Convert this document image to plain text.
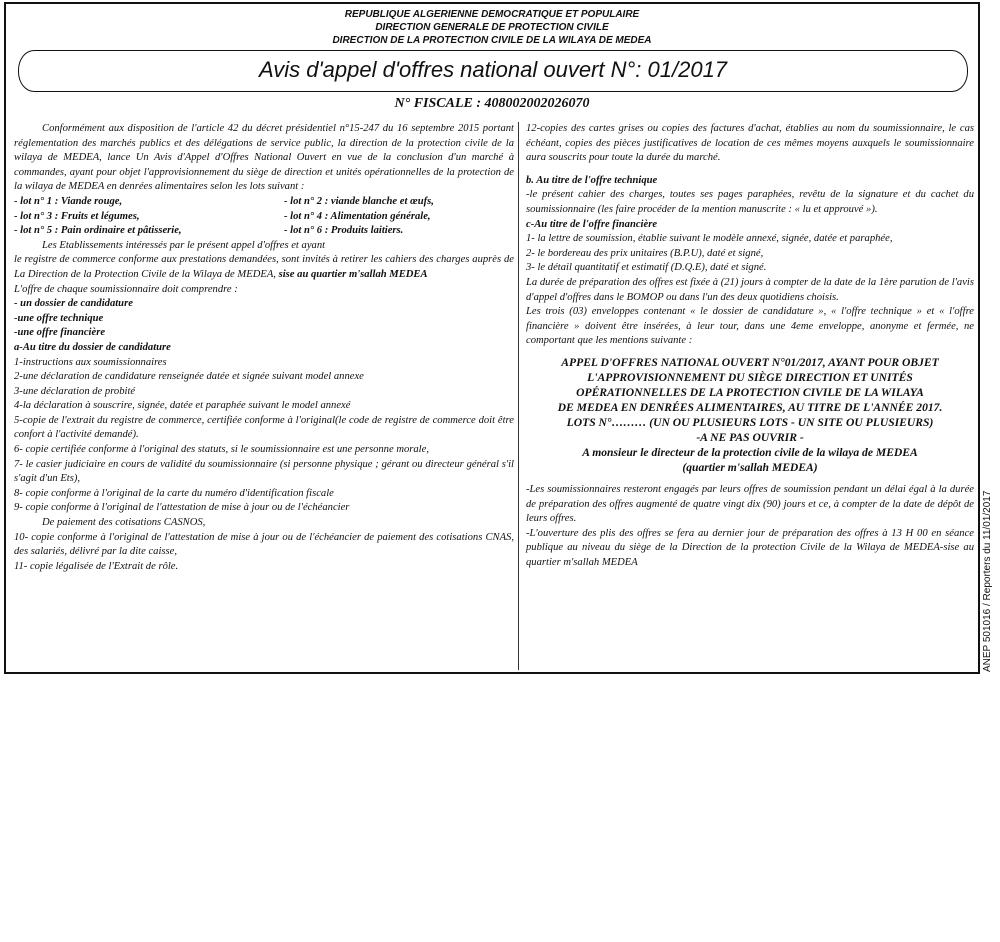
REPUBLIQUE ALGERIENNE DEMOCRATIQUE ET POPULAIRE
DIRECTION GENERALE DE PROTECTION CIVILE
DIRECTION DE LA PROTECTION CIVILE DE LA WILAYA DE MEDEA
Avis d'appel d'offres national ouvert N°: 01/2017
N° FISCALE : 408002002026070

Conformément aux disposition de l'article 42 du décret présidentiel n°15-247 du 16 septembre 2015 portant réglementation des marchés publics et des délégations de service public, la direction de la protection civile de la wilaya de MEDEA, lance Un Avis d'Appel d'Offres National Ouvert en vue de la conclusion d'un marché à commandes, ayant pour objet l'approvisionnement du siège de direction et unités opérationnelles de la protection de la wilaya de MEDEA en denrées alimentaires selon les lots suivant :

- lot n° 1 : Viande rouge,	- lot n° 2 : viande blanche et œufs,
- lot n° 3 : Fruits et légumes,	- lot n° 4 : Alimentation générale,
- lot n° 5 : Pain ordinaire et pâtisserie,	- lot n° 6 : Produits laitiers.

Les Etablissements intéressés par le présent appel d'offres et ayant

le registre de commerce conforme aux prestations demandées, sont invités à retirer les cahiers des charges auprès de La Direction de la Protection Civile de la Wilaya de MEDEA, sise au quartier m'sallah MEDEA

L'offre de chaque soumissionnaire doit comprendre :

- un dossier de candidature

-une offre technique

-une offre financière

a-Au titre du dossier de candidature

1-instructions aux soumissionnaires

2-une déclaration de candidature renseignée datée et signée suivant model annexe

3-une déclaration de probité

4-la déclaration à souscrire, signée, datée et paraphée suivant le model annexé

5-copie de l'extrait du registre de commerce, certifiée conforme à l'original(le code de registre de commerce doit être confort à l'activité demandé).

6- copie certifiée conforme à l'original des statuts, si le soumissionnaire est une personne morale,

7- le casier judiciaire en cours de validité du soumissionnaire (si personne physique ; gérant ou directeur général s'il s'agit d'un Ets),

8- copie conforme à l'original de la carte du numéro d'identification fiscale

9- copie conforme à l'original de l'attestation de mise à jour ou de l'échéancier

De paiement des cotisations CASNOS,

10- copie conforme à l'original de l'attestation de mise à jour ou de l'échéancier de paiement des cotisations CNAS, des salariés, délivré par la dite caisse,

11- copie légalisée de l'Extrait de rôle.

12-copies des cartes grises ou copies des factures d'achat, établies au nom du soumissionnaire, le cas échéant, copies des pièces justificatives de location de ces mêmes moyens auxquels le soumissionnaire aura souscrits pour toute la durée du marché.

b. Au titre de l'offre technique

-le présent cahier des charges, toutes ses pages paraphées, revêtu de la signature et du cachet du soumissionnaire (les faire procéder de la mention manuscrite : « lu et approuvé »).

c-Au titre de l'offre financière

1- la lettre de soumission, établie suivant le modèle annexé, signée, datée et paraphée,

2- le bordereau des prix unitaires (B.P.U), daté et signé,

3- le détail quantitatif et estimatif (D.Q.E), daté et signé.

La durée de préparation des offres est fixée à (21) jours à compter de la date de la 1ère parution de l'avis d'appel d'offres dans le BOMOP ou dans l'un des deux quotidiens choisis.

Les trois (03) enveloppes contenant « le dossier de candidature », « l'offre technique » et « l'offre financière » doivent être insérées, à leur tour, dans une 4eme enveloppe, anonyme et fermée, ne comportant que les mentions suivante :

APPEL D'OFFRES NATIONAL OUVERT N°01/2017, AYANT POUR OBJET
L'APPROVISIONNEMENT DU SIÈGE DIRECTION ET UNITÉS
OPÉRATIONNELLES DE LA PROTECTION CIVILE DE LA WILAYA
DE MEDEA EN DENRÉES ALIMENTAIRES, AU TITRE DE L'ANNÉE 2017.
LOTS N°……… (UN OU PLUSIEURS LOTS - UN SITE OU PLUSIEURS)
-A NE PAS OUVRIR -
A monsieur le directeur de la protection civile de la wilaya de MEDEA
(quartier m'sallah MEDEA)

-Les soumissionnaires resteront engagés par leurs offres de soumission pendant un délai égal à la durée de préparation des offres augmenté de quatre vingt dix (90) jours et ce, à compter de la date de dépôt de leurs offres.

-L'ouverture des plis des offres se fera au dernier jour de préparation des offres à 13 H 00 en séance publique au niveau du siège de la Direction de la protection Civile de la Wilaya de MEDEA-sise au quartier m'sallah MEDEA	ANEP 501016 / Reporters du 11/01/2017
